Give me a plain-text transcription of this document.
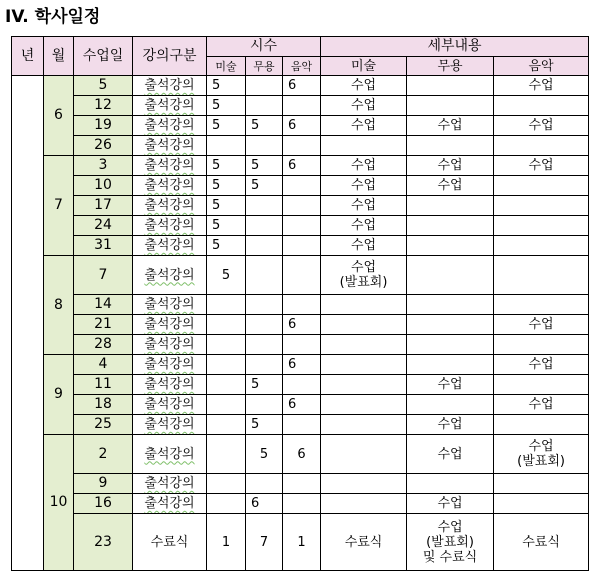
IV. 학사일정
년	월	수업일	강의구분	시수			세부내용		
				미술	무용	음악	미술	무용	음악
	6	5	출석강의	5		6	수업		수업
		12	출석강의	5			수업		
		19	출석강의	5	5	6	수업	수업	수업
		26	출석강의						
	7	3	출석강의	5	5	6	수업	수업	수업
		10	출석강의	5	5		수업	수업	
		17	출석강의	5			수업		
		24	출석강의	5			수업		
		31	출석강의	5			수업		
	8	7	출석강의	5			수업
(발표회)		
		14	출석강의						
		21	출석강의			6			수업
		28	출석강의						
	9	4	출석강의			6			수업
		11	출석강의		5			수업	
		18	출석강의			6			수업
		25	출석강의		5			수업	
	10	2	출석강의		5	6		수업	수업
(발표회)
		9	출석강의						
		16	출석강의		6			수업	
		23	수료식	1	7	1	수료식	수업
(발표회)
및 수료식	수료식
